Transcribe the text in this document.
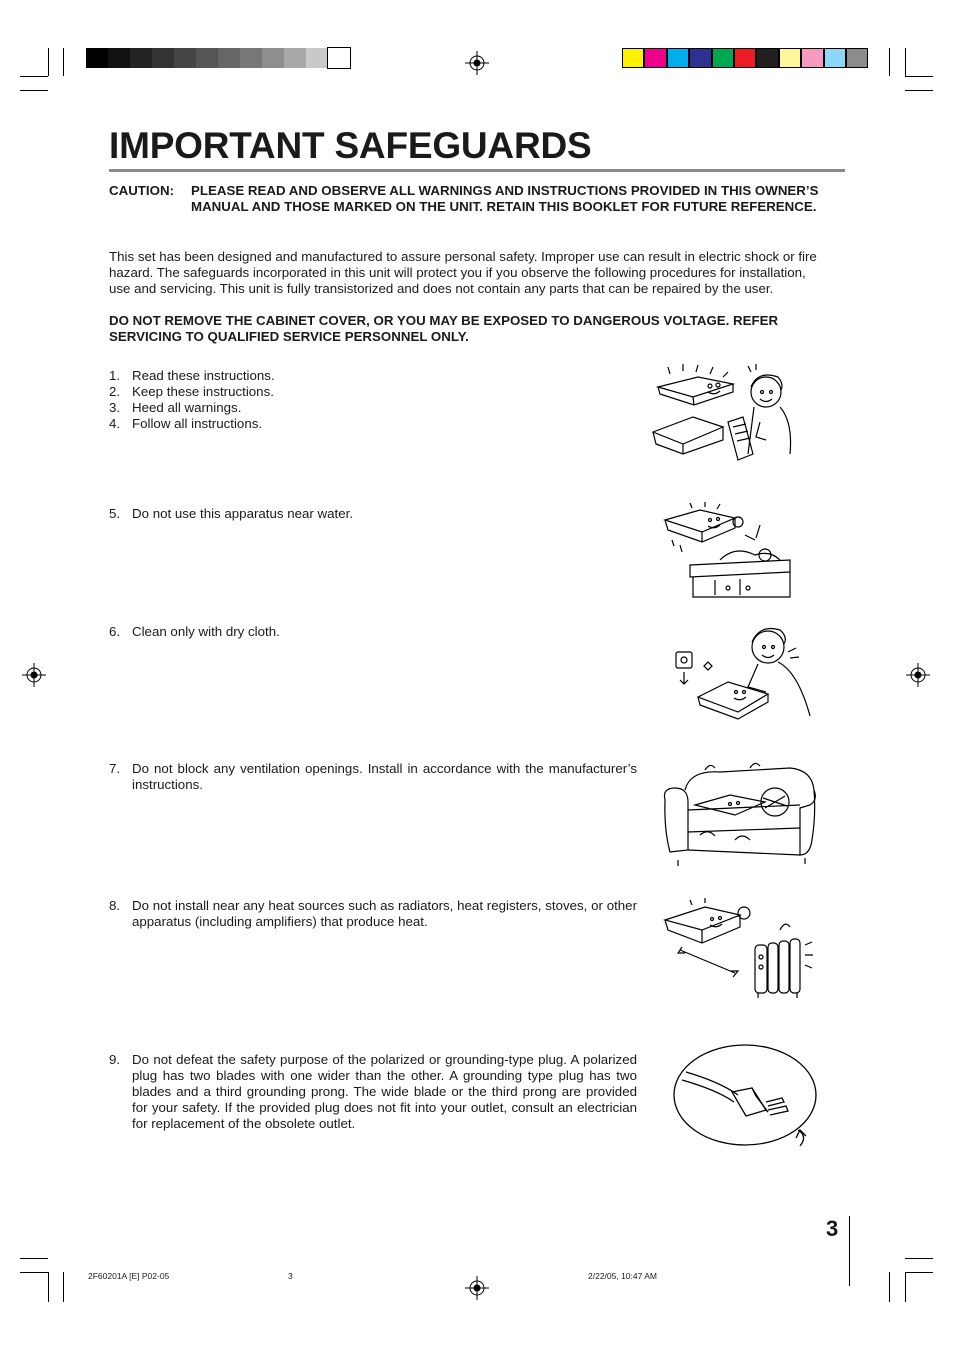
IMPORTANT SAFEGUARDS
CAUTION: PLEASE READ AND OBSERVE ALL WARNINGS AND INSTRUCTIONS PROVIDED IN THIS OWNER’S MANUAL AND THOSE MARKED ON THE UNIT. RETAIN THIS BOOKLET FOR FUTURE REFERENCE.

This set has been designed and manufactured to assure personal safety. Improper use can result in electric shock or fire hazard. The safeguards incorporated in this unit will protect you if you observe the following procedures for installation, use and servicing. This unit is fully transistorized and does not contain any parts that can be repaired by the user.

DO NOT REMOVE THE CABINET COVER, OR YOU MAY BE EXPOSED TO DANGEROUS VOLTAGE. REFER SERVICING TO QUALIFIED SERVICE PERSONNEL ONLY.

1. Read these instructions.
2. Keep these instructions.
3. Heed all warnings.
4. Follow all instructions.
5. Do not use this apparatus near water.
6. Clean only with dry cloth.
7. Do not block any ventilation openings. Install in accordance with the manufacturer’s instructions.
8. Do not install near any heat sources such as radiators, heat registers, stoves, or other apparatus (including amplifiers) that produce heat.
9. Do not defeat the safety purpose of the polarized or grounding-type plug. A polarized plug has two blades with one wider than the other. A grounding type plug has two blades and a third grounding prong. The wide blade or the third prong are provided for your safety. If the provided plug does not fit into your outlet, consult an electrician for replacement of the obsolete outlet.
3
2F60201A [E] P02-05	3	2/22/05, 10:47 AM
